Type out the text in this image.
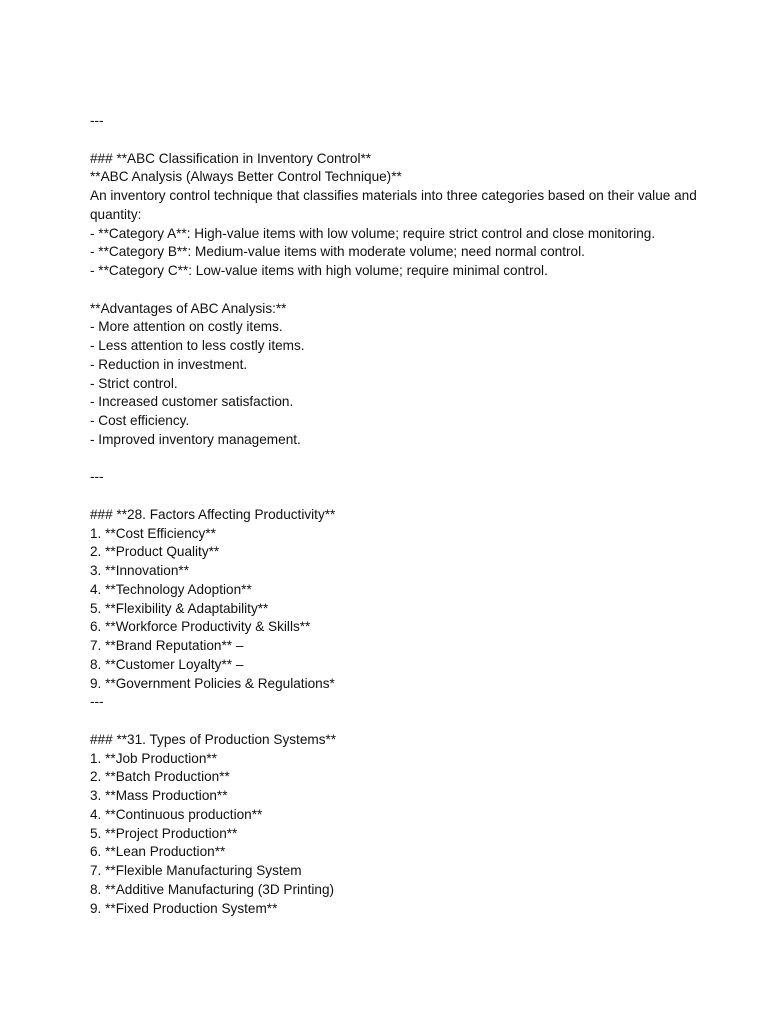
---
### **ABC Classification in Inventory Control**
**ABC Analysis (Always Better Control Technique)**
An inventory control technique that classifies materials into three categories based on their value and quantity:
- **Category A**: High-value items with low volume; require strict control and close monitoring.
- **Category B**: Medium-value items with moderate volume; need normal control.
- **Category C**: Low-value items with high volume; require minimal control.
**Advantages of ABC Analysis:**
- More attention on costly items.
- Less attention to less costly items.
- Reduction in investment.
- Strict control.
- Increased customer satisfaction.
- Cost efficiency.
- Improved inventory management.
---
### **28. Factors Affecting Productivity**
1. **Cost Efficiency**
2. **Product Quality**
3. **Innovation**
4. **Technology Adoption**
5. **Flexibility & Adaptability**
6. **Workforce Productivity & Skills**
7. **Brand Reputation** –
8. **Customer Loyalty** –
9. **Government Policies & Regulations*
---
### **31. Types of Production Systems**
1. **Job Production**
2. **Batch Production**
3. **Mass Production**
4. **Continuous production**
5. **Project Production**
6. **Lean Production**
7. **Flexible Manufacturing System
8. **Additive Manufacturing (3D Printing)
9. **Fixed Production System**
